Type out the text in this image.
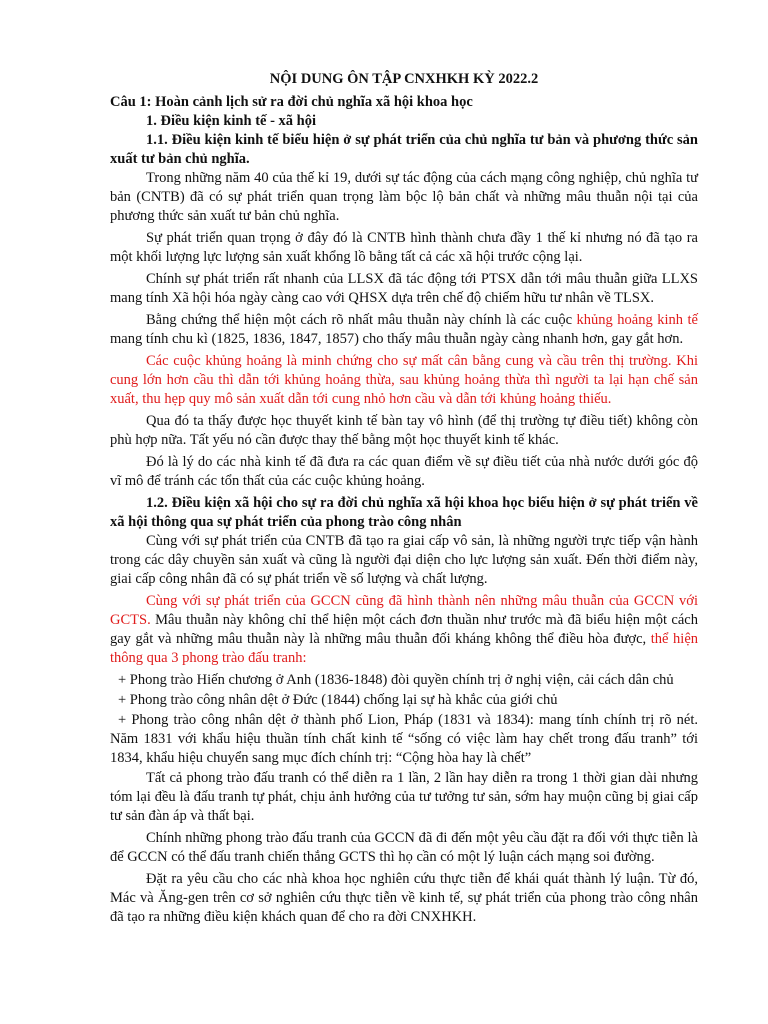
NỘI DUNG ÔN TẬP CNXHKH KỲ 2022.2
Câu 1: Hoàn cảnh lịch sử ra đời chủ nghĩa xã hội khoa học
1. Điều kiện kinh tế - xã hội
1.1. Điều kiện kinh tế biểu hiện ở sự phát triển của chủ nghĩa tư bản và phương thức sản xuất tư bản chủ nghĩa.

Trong những năm 40 của thế kỉ 19, dưới sự tác động của cách mạng công nghiệp, chủ nghĩa tư bản (CNTB) đã có sự phát triển quan trọng làm bộc lộ bản chất và những mâu thuẫn nội tại của phương thức sản xuất tư bản chủ nghĩa.

Sự phát triển quan trọng ở đây đó là CNTB hình thành chưa đầy 1 thế kỉ nhưng nó đã tạo ra một khối lượng lực lượng sản xuất khổng lồ bằng tất cả các xã hội trước cộng lại.

Chính sự phát triển rất nhanh của LLSX đã tác động tới PTSX dẫn tới mâu thuẫn giữa LLXS mang tính Xã hội hóa ngày càng cao với QHSX dựa trên chế độ chiếm hữu tư nhân về TLSX.

Bằng chứng thể hiện một cách rõ nhất mâu thuẫn này chính là các cuộc khủng hoảng kinh tế mang tính chu kì (1825, 1836, 1847, 1857) cho thấy mâu thuẫn ngày càng nhanh hơn, gay gắt hơn.

Các cuộc khủng hoảng là minh chứng cho sự mất cân bằng cung và cầu trên thị trường. Khi cung lớn hơn cầu thì dẫn tới khủng hoảng thừa, sau khủng hoảng thừa thì người ta lại hạn chế sản xuất, thu hẹp quy mô sản xuất dẫn tới cung nhỏ hơn cầu và dẫn tới khủng hoảng thiếu.

Qua đó ta thấy được học thuyết kinh tế bàn tay vô hình (để thị trường tự điều tiết) không còn phù hợp nữa. Tất yếu nó cần được thay thế bằng một học thuyết kinh tế khác.

Đó là lý do các nhà kinh tế đã đưa ra các quan điểm về sự điều tiết của nhà nước dưới góc độ vĩ mô để tránh các tổn thất của các cuộc khủng hoảng.

1.2. Điều kiện xã hội cho sự ra đời chủ nghĩa xã hội khoa học biểu hiện ở sự phát triển về xã hội thông qua sự phát triển của phong trào công nhân

Cùng với sự phát triển của CNTB đã tạo ra giai cấp vô sản, là những người trực tiếp vận hành trong các dây chuyền sản xuất và cũng là người đại diện cho lực lượng sản xuất. Đến thời điểm này, giai cấp công nhân đã có sự phát triển về số lượng và chất lượng.

Cùng với sự phát triển của GCCN cũng đã hình thành nên những mâu thuẫn của GCCN với GCTS. Mâu thuẫn này không chỉ thể hiện một cách đơn thuần như trước mà đã biểu hiện một cách gay gắt và những mâu thuẫn này là những mâu thuẫn đối kháng không thể điều hòa được, thể hiện thông qua 3 phong trào đấu tranh:

+ Phong trào Hiến chương ở Anh (1836-1848) đòi quyền chính trị ở nghị viện, cải cách dân chủ

+ Phong trào công nhân dệt ở Đức (1844) chống lại sự hà khắc của giới chủ

+ Phong trào công nhân dệt ở thành phố Lion, Pháp (1831 và 1834): mang tính chính trị rõ nét. Năm 1831 với khẩu hiệu thuần tính chất kinh tế “sống có việc làm hay chết trong đấu tranh” tới 1834, khẩu hiệu chuyển sang mục đích chính trị: “Cộng hòa hay là chết”

Tất cả phong trào đấu tranh có thể diễn ra 1 lần, 2 lần hay diễn ra trong 1 thời gian dài nhưng tóm lại đều là đấu tranh tự phát, chịu ảnh hưởng của tư tưởng tư sản, sớm hay muộn cũng bị giai cấp tư sản đàn áp và thất bại.

Chính những phong trào đấu tranh của GCCN đã đi đến một yêu cầu đặt ra đối với thực tiễn là để GCCN có thể đấu tranh chiến thắng GCTS thì họ cần có một lý luận cách mạng soi đường.

Đặt ra yêu cầu cho các nhà khoa học nghiên cứu thực tiễn để khái quát thành lý luận. Từ đó, Mác và Ăng-gen trên cơ sở nghiên cứu thực tiễn về kinh tế, sự phát triển của phong trào công nhân đã tạo ra những điều kiện khách quan để cho ra đời CNXHKH.
